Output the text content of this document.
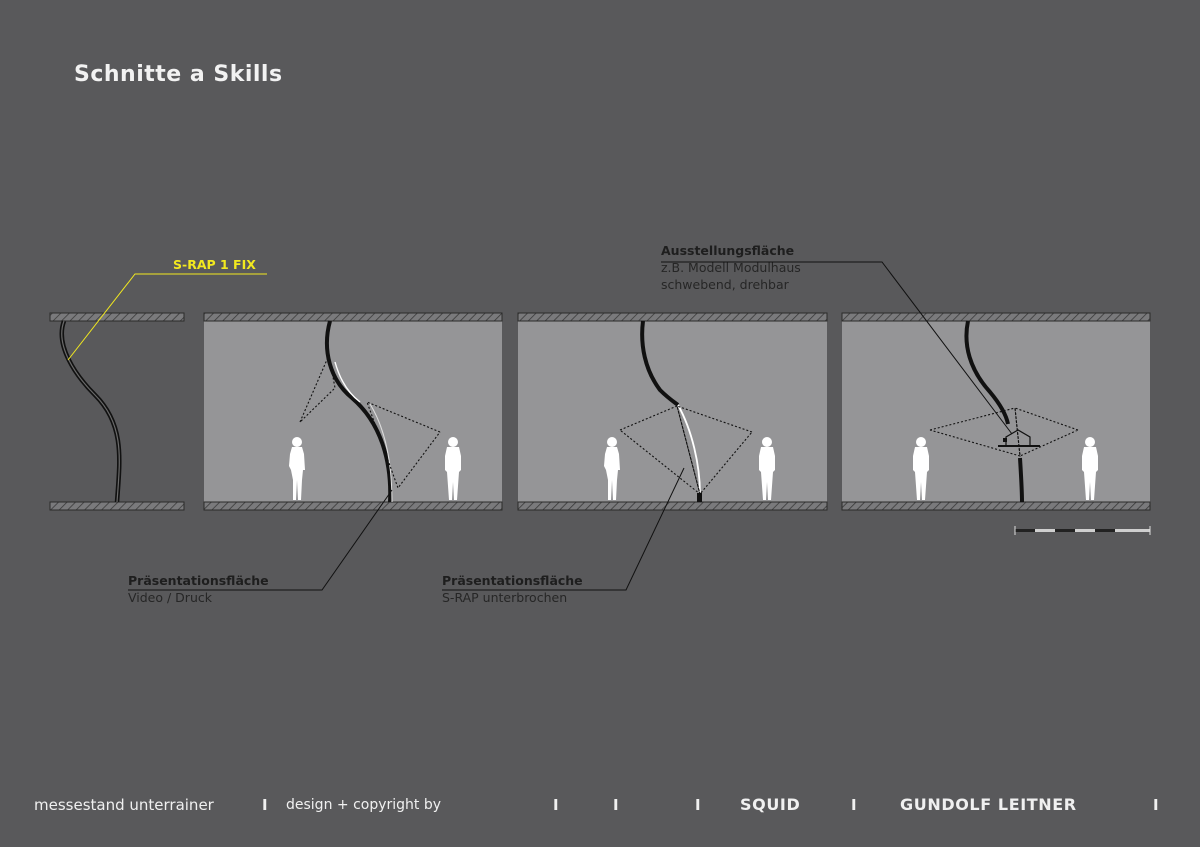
Schnitte a Skills
S-RAP 1 FIX
Präsentationsfläche
Video / Druck
Präsentationsfläche
S-RAP unterbrochen
Ausstellungsfläche
z.B. Modell Modulhaus
schwebend, drehbar
messestand unterrainer	I design + copyright by	I	I	I SQUID	I	GUNDOLF LEITNER	I
